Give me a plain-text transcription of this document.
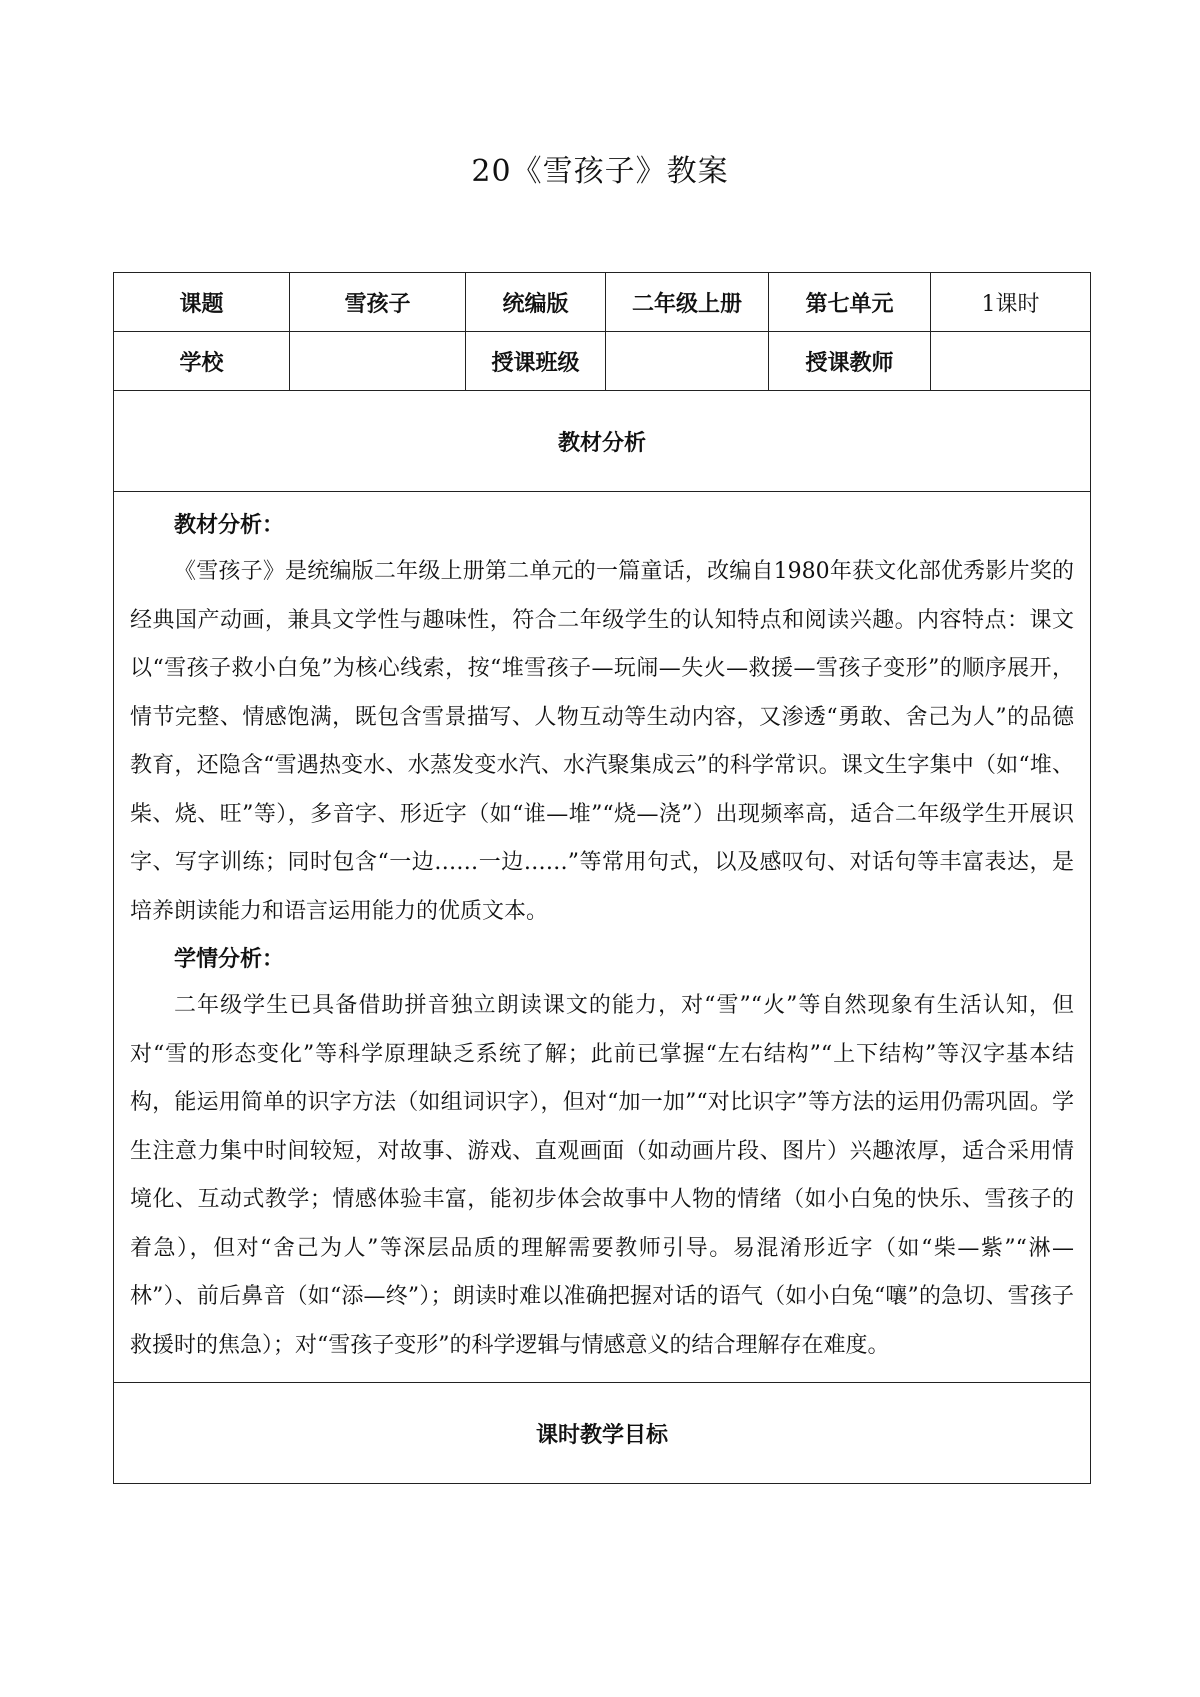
20《雪孩子》教案
课题	雪孩子	统编版	二年级上册	第七单元	1课时
学校		授课班级		授课教师	
教材分析					

教材分析：

《雪孩子》是统编版二年级上册第二单元的一篇童话，改编自1980年获文化部优秀影片奖的经典国产动画，兼具文学性与趣味性，符合二年级学生的认知特点和阅读兴趣。内容特点：课文以“雪孩子救小白兔”为核心线索，按“堆雪孩子—玩闹—失火—救援—雪孩子变形”的顺序展开，情节完整、情感饱满，既包含雪景描写、人物互动等生动内容，又渗透“勇敢、舍己为人”的品德教育，还隐含“雪遇热变水、水蒸发变水汽、水汽聚集成云”的科学常识。课文生字集中（如“堆、柴、烧、旺”等），多音字、形近字（如“谁—堆”“烧—浇”）出现频率高，适合二年级学生开展识字、写字训练；同时包含“一边……一边……”等常用句式，以及感叹句、对话句等丰富表达，是培养朗读能力和语言运用能力的优质文本。

学情分析：

二年级学生已具备借助拼音独立朗读课文的能力，对“雪”“火”等自然现象有生活认知，但对“雪的形态变化”等科学原理缺乏系统了解；此前已掌握“左右结构”“上下结构”等汉字基本结构，能运用简单的识字方法（如组词识字），但对“加一加”“对比识字”等方法的运用仍需巩固。学生注意力集中时间较短，对故事、游戏、直观画面（如动画片段、图片）兴趣浓厚，适合采用情境化、互动式教学；情感体验丰富，能初步体会故事中人物的情绪（如小白兔的快乐、雪孩子的着急），但对“舍己为人”等深层品质的理解需要教师引导。易混淆形近字（如“柴—紫”“淋—林”）、前后鼻音（如“添—终”）；朗读时难以准确把握对话的语气（如小白兔“嚷”的急切、雪孩子救援时的焦急）；对“雪孩子变形”的科学逻辑与情感意义的结合理解存在难度。					

课时教学目标					
